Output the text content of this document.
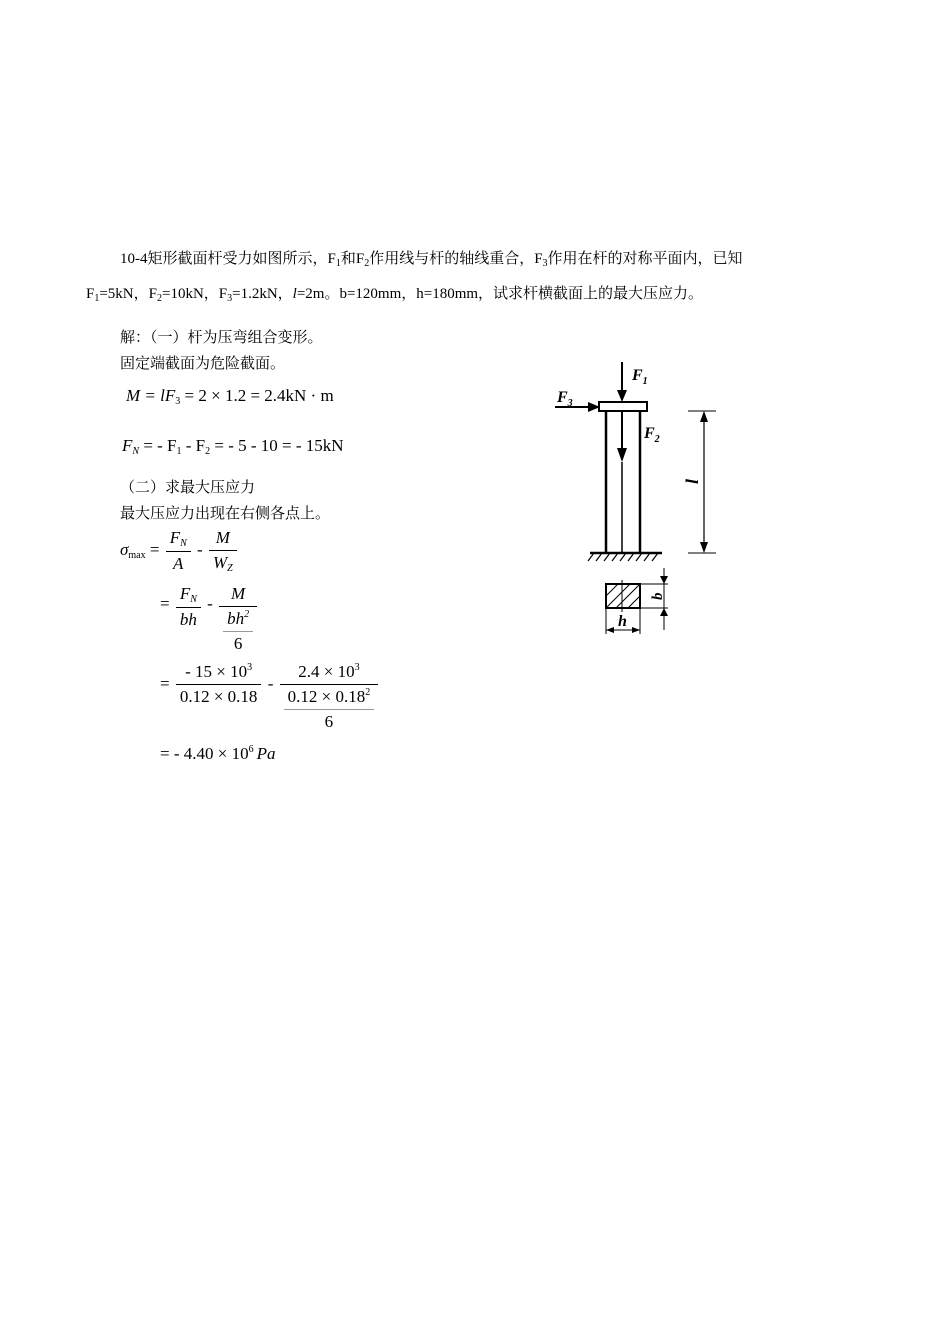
10-4矩形截面杆受力如图所示，$F_1$和$F_2$作用线与杆的轴线重合，$F_3$作用在杆的对称平面内，已知
$F_1=5kN$，$F_2=10kN$，$F_3=1.2kN$，l=2m。b=120mm，h=180mm，试求杆横截面上的最大压应力。
解：（一）杆为压弯组合变形。
固定端截面为危险截面。
$M = lF_3 = 2 \times 1.2 = 2.4kN \cdot m$
$F_N$ = - $F_1 - F_2$ = - 5 - 10 = - 15kN
（二）求最大压应力
最大压应力出现在右侧各点上。
$\sigma_{max} = \frac{F_N}{A} - \frac{M}{W_Z}$
= $\frac{F_N}{bh} - \frac{M}{\frac{bh^2}{6}}$
= $\frac{- 15 \times 10^3}{0.12 \times 0.18} - \frac{2.4 \times 10^3}{\frac{0.12 \times 0.18^2}{6}}$
= - $4.40 \times 10^6$ Pa
$F_1$
$F_3$
$F_2$
l
b
h
